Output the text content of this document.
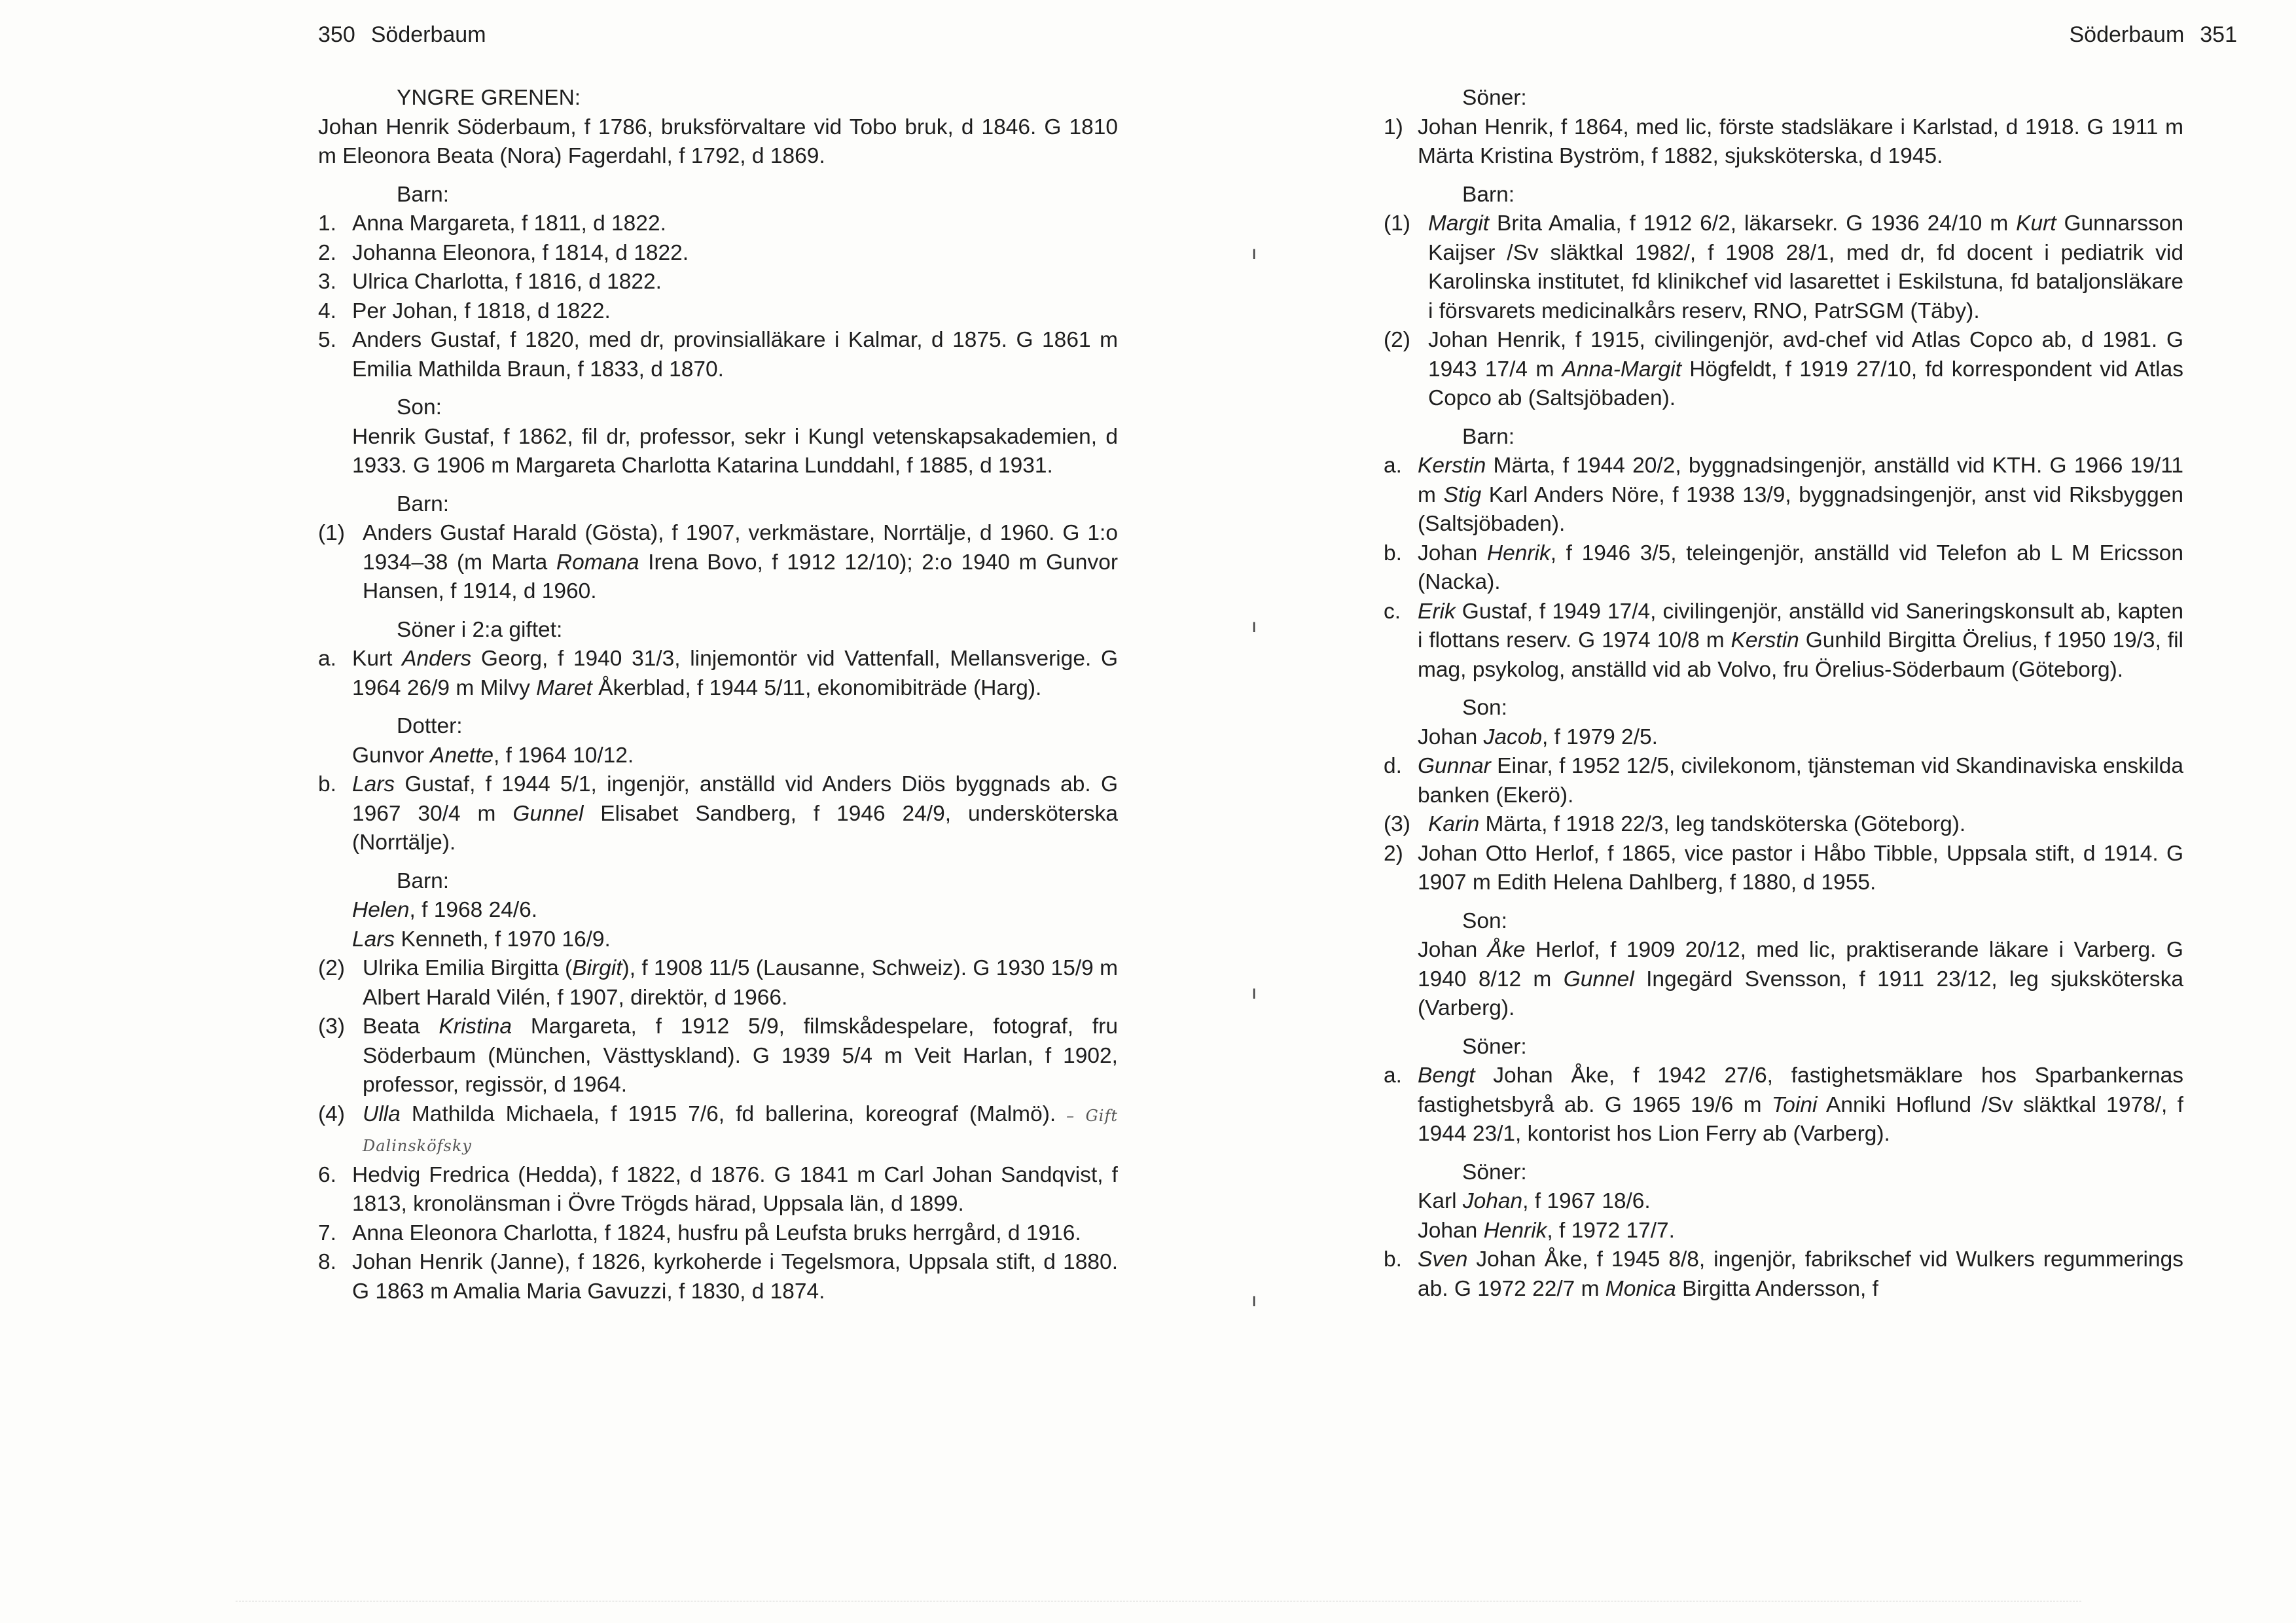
350 Söderbaum
YNGRE GRENEN:
Johan Henrik Söderbaum, f 1786, bruksförvaltare vid Tobo bruk, d 1846. G 1810 m Eleonora Beata (Nora) Fagerdahl, f 1792, d 1869.
Barn:
1. Anna Margareta, f 1811, d 1822.
2. Johanna Eleonora, f 1814, d 1822.
3. Ulrica Charlotta, f 1816, d 1822.
4. Per Johan, f 1818, d 1822.
5. Anders Gustaf, f 1820, med dr, provinsialläkare i Kalmar, d 1875. G 1861 m Emilia Mathilda Braun, f 1833, d 1870.
Son:
Henrik Gustaf, f 1862, fil dr, professor, sekr i Kungl vetenskapsakademien, d 1933. G 1906 m Margareta Charlotta Katarina Lunddahl, f 1885, d 1931.
Barn:
(1) Anders Gustaf Harald (Gösta), f 1907, verkmästare, Norrtälje, d 1960. G 1:o 1934–38 (m Marta Romana Irena Bovo, f 1912 12/10); 2:o 1940 m Gunvor Hansen, f 1914, d 1960.
Söner i 2:a giftet:
a. Kurt Anders Georg, f 1940 31/3, linjemontör vid Vattenfall, Mellansverige. G 1964 26/9 m Milvy Maret Åkerblad, f 1944 5/11, ekonomibiträde (Harg).
Dotter:
Gunvor Anette, f 1964 10/12.
b. Lars Gustaf, f 1944 5/1, ingenjör, anställd vid Anders Diös byggnads ab. G 1967 30/4 m Gunnel Elisabet Sandberg, f 1946 24/9, undersköterska (Norrtälje).
Barn:
Helen, f 1968 24/6.
Lars Kenneth, f 1970 16/9.
(2) Ulrika Emilia Birgitta (Birgit), f 1908 11/5 (Lausanne, Schweiz). G 1930 15/9 m Albert Harald Vilén, f 1907, direktör, d 1966.
(3) Beata Kristina Margareta, f 1912 5/9, filmskådespelare, fotograf, fru Söderbaum (München, Västtyskland). G 1939 5/4 m Veit Harlan, f 1902, professor, regissör, d 1964.
(4) Ulla Mathilda Michaela, f 1915 7/6, fd ballerina, koreograf (Malmö). – Gift Dalinsköfsky
6. Hedvig Fredrica (Hedda), f 1822, d 1876. G 1841 m Carl Johan Sandqvist, f 1813, kronolänsman i Övre Trögds härad, Uppsala län, d 1899.
7. Anna Eleonora Charlotta, f 1824, husfru på Leufsta bruks herrgård, d 1916.
8. Johan Henrik (Janne), f 1826, kyrkoherde i Tegelsmora, Uppsala stift, d 1880. G 1863 m Amalia Maria Gavuzzi, f 1830, d 1874.
Söderbaum 351
Söner:
1) Johan Henrik, f 1864, med lic, förste stadsläkare i Karlstad, d 1918. G 1911 m Märta Kristina Byström, f 1882, sjuksköterska, d 1945.
Barn:
(1) Margit Brita Amalia, f 1912 6/2, läkarsekr. G 1936 24/10 m Kurt Gunnarsson Kaijser /Sv släktkal 1982/, f 1908 28/1, med dr, fd docent i pediatrik vid Karolinska institutet, fd klinikchef vid lasarettet i Eskilstuna, fd bataljonsläkare i försvarets medicinalkårs reserv, RNO, PatrSGM (Täby).
(2) Johan Henrik, f 1915, civilingenjör, avd-chef vid Atlas Copco ab, d 1981. G 1943 17/4 m Anna-Margit Högfeldt, f 1919 27/10, fd korrespondent vid Atlas Copco ab (Saltsjöbaden).
Barn:
a. Kerstin Märta, f 1944 20/2, byggnadsingenjör, anställd vid KTH. G 1966 19/11 m Stig Karl Anders Nöre, f 1938 13/9, byggnadsingenjör, anst vid Riksbyggen (Saltsjöbaden).
b. Johan Henrik, f 1946 3/5, teleingenjör, anställd vid Telefon ab L M Ericsson (Nacka).
c. Erik Gustaf, f 1949 17/4, civilingenjör, anställd vid Saneringskonsult ab, kapten i flottans reserv. G 1974 10/8 m Kerstin Gunhild Birgitta Örelius, f 1950 19/3, fil mag, psykolog, anställd vid ab Volvo, fru Örelius-Söderbaum (Göteborg).
Son:
Johan Jacob, f 1979 2/5.
d. Gunnar Einar, f 1952 12/5, civilekonom, tjänsteman vid Skandinaviska enskilda banken (Ekerö).
(3) Karin Märta, f 1918 22/3, leg tandsköterska (Göteborg).
2) Johan Otto Herlof, f 1865, vice pastor i Håbo Tibble, Uppsala stift, d 1914. G 1907 m Edith Helena Dahlberg, f 1880, d 1955.
Son:
Johan Åke Herlof, f 1909 20/12, med lic, praktiserande läkare i Varberg. G 1940 8/12 m Gunnel Ingegärd Svensson, f 1911 23/12, leg sjuksköterska (Varberg).
Söner:
a. Bengt Johan Åke, f 1942 27/6, fastighetsmäklare hos Sparbankernas fastighetsbyrå ab. G 1965 19/6 m Toini Anniki Hoflund /Sv släktkal 1978/, f 1944 23/1, kontorist hos Lion Ferry ab (Varberg).
Söner:
Karl Johan, f 1967 18/6.
Johan Henrik, f 1972 17/7.
b. Sven Johan Åke, f 1945 8/8, ingenjör, fabrikschef vid Wulkers regummerings ab. G 1972 22/7 m Monica Birgitta Andersson, f
ı
ı
ı
ı
